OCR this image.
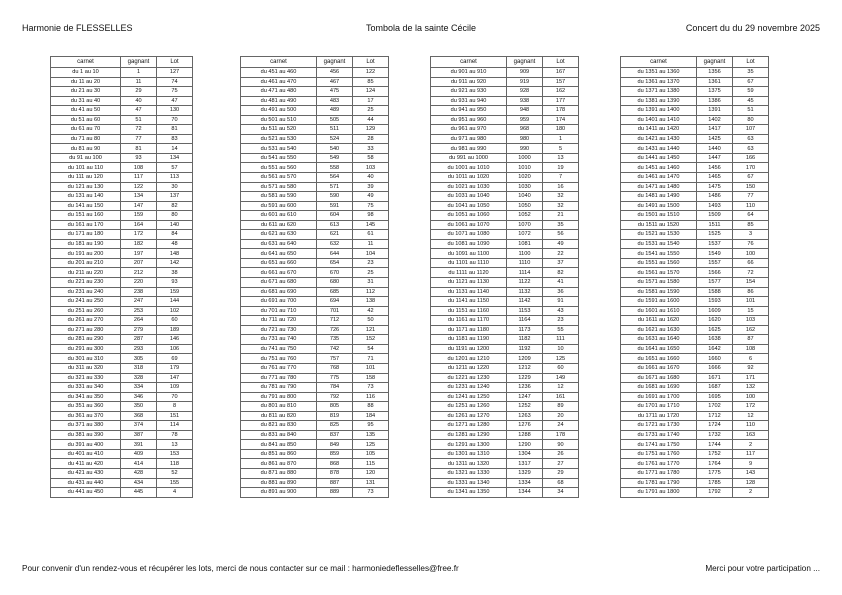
Harmonie de FLESSELLES	Tombola de la sainte Cécile	Concert du du 29 novembre 2025
carnet	gagnant	Lot
du 1 au 10	1	127
du 11 au 20	11	74
du 21 au 30	29	75
du 31 au 40	40	47
du 41 au 50	47	130
du 51 au 60	51	70
du 61 au 70	72	81
du 71 au 80	77	83
du 81 au 90	81	14
du 91 au 100	93	134
du 101 au 110	108	57
du 111 au 120	117	113
du 121 au 130	122	30
du 131 au 140	134	137
du 141 au 150	147	82
du 151 au 160	159	80
du 161 au 170	164	140
du 171 au 180	172	84
du 181 au 190	182	48
du 191 au 200	197	148
du 201 au 210	207	142
du 211 au 220	212	38
du 221 au 230	220	93
du 231 au 240	238	159
du 241 au 250	247	144
du 251 au 260	253	102
du 261 au 270	264	60
du 271 au 280	279	189
du 281 au 290	287	146
du 291 au 300	293	106
du 301 au 310	305	69
du 311 au 320	318	179
du 321 au 330	328	147
du 331 au 340	334	109
du 341 au 350	346	70
du 351 au 360	350	8
du 361 au 370	368	151
du 371 au 380	374	114
du 381 au 390	387	78
du 391 au 400	391	13
du 401 au 410	409	153
du 411 au 420	414	118
du 421 au 430	428	52
du 431 au 440	434	155
du 441 au 450	445	4
carnet	gagnant	Lot
du 451 au 460	456	122
du 461 au 470	467	85
du 471 au 480	475	124
du 481 au 490	483	17
du 491 au 500	489	25
du 501 au 510	505	44
du 511 au 520	511	129
du 521 au 530	524	28
du 531 au 540	540	33
du 541 au 550	549	58
du 551 au 560	558	103
du 561 au 570	564	40
du 571 au 580	571	39
du 581 au 590	590	49
du 591 au 600	591	75
du 601 au 610	604	98
du 611 au 620	613	145
du 621 au 630	621	61
du 631 au 640	632	11
du 641 au 650	644	104
du 651 au 660	654	23
du 661 au 670	670	25
du 671 au 680	680	31
du 681 au 690	685	112
du 691 au 700	694	138
du 701 au 710	701	42
du 711 au 720	712	50
du 721 au 730	726	121
du 731 au 740	735	152
du 741 au 750	742	54
du 751 au 760	757	71
du 761 au 770	768	101
du 771 au 780	775	158
du 781 au 790	784	73
du 791 au 800	792	116
du 801 au 810	805	88
du 811 au 820	819	184
du 821 au 830	825	95
du 831 au 840	837	135
du 841 au 850	849	125
du 851 au 860	859	105
du 861 au 870	868	115
du 871 au 880	878	120
du 881 au 890	887	131
du 891 au 900	889	73
carnet	gagnant	Lot
du 901 au 910	909	167
du 911 au 920	919	157
du 921 au 930	928	162
du 931 au 940	938	177
du 941 au 950	948	178
du 951 au 960	959	174
du 961 au 970	968	180
du 971 au 980	980	1
du 981 au 990	990	5
du 991 au 1000	1000	13
du 1001 au 1010	1010	19
du 1011 au 1020	1020	7
du 1021 au 1030	1030	16
du 1031 au 1040	1040	32
du 1041 au 1050	1050	32
du 1051 au 1060	1052	21
du 1061 au 1070	1070	35
du 1071 au 1080	1072	56
du 1081 au 1090	1081	49
du 1091 au 1100	1100	22
du 1101 au 1110	1110	37
du 1111 au 1120	1114	82
du 1121 au 1130	1122	41
du 1131 au 1140	1132	36
du 1141 au 1150	1142	91
du 1151 au 1160	1153	43
du 1161 au 1170	1164	23
du 1171 au 1180	1173	55
du 1181 au 1190	1182	111
du 1191 au 1200	1192	10
du 1201 au 1210	1209	125
du 1211 au 1220	1212	60
du 1221 au 1230	1229	149
du 1231 au 1240	1236	12
du 1241 au 1250	1247	161
du 1251 au 1260	1252	89
du 1261 au 1270	1263	20
du 1271 au 1280	1276	24
du 1281 au 1290	1288	178
du 1291 au 1300	1290	90
du 1301 au 1310	1304	26
du 1311 au 1320	1317	27
du 1321 au 1330	1329	29
du 1331 au 1340	1334	68
du 1341 au 1350	1344	34
carnet	gagnant	Lot
du 1351 au 1360	1356	35
du 1361 au 1370	1361	67
du 1371 au 1380	1375	59
du 1381 au 1390	1386	45
du 1391 au 1400	1391	51
du 1401 au 1410	1402	80
du 1411 au 1420	1417	107
du 1421 au 1430	1425	63
du 1431 au 1440	1440	63
du 1441 au 1450	1447	166
du 1451 au 1460	1456	170
du 1461 au 1470	1465	67
du 1471 au 1480	1475	150
du 1481 au 1490	1486	77
du 1491 au 1500	1493	110
du 1501 au 1510	1509	64
du 1511 au 1520	1511	85
du 1521 au 1530	1525	3
du 1531 au 1540	1537	76
du 1541 au 1550	1549	100
du 1551 au 1560	1557	66
du 1561 au 1570	1566	72
du 1571 au 1580	1577	154
du 1581 au 1590	1588	86
du 1591 au 1600	1593	101
du 1601 au 1610	1609	15
du 1611 au 1620	1620	103
du 1621 au 1630	1625	162
du 1631 au 1640	1638	87
du 1641 au 1650	1642	108
du 1651 au 1660	1660	6
du 1661 au 1670	1666	92
du 1671 au 1680	1671	171
du 1681 au 1690	1687	132
du 1691 au 1700	1695	100
du 1701 au 1710	1702	172
du 1711 au 1720	1712	12
du 1721 au 1730	1724	110
du 1731 au 1740	1732	163
du 1741 au 1750	1744	2
du 1751 au 1760	1752	117
du 1761 au 1770	1764	9
du 1771 au 1780	1775	143
du 1781 au 1790	1785	128
du 1791 au 1800	1792	2
Pour convenir d'un rendez-vous et récupérer les lots, merci de nous contacter sur ce mail : harmoniedeflesselles@free.fr	Merci pour votre participation ...
